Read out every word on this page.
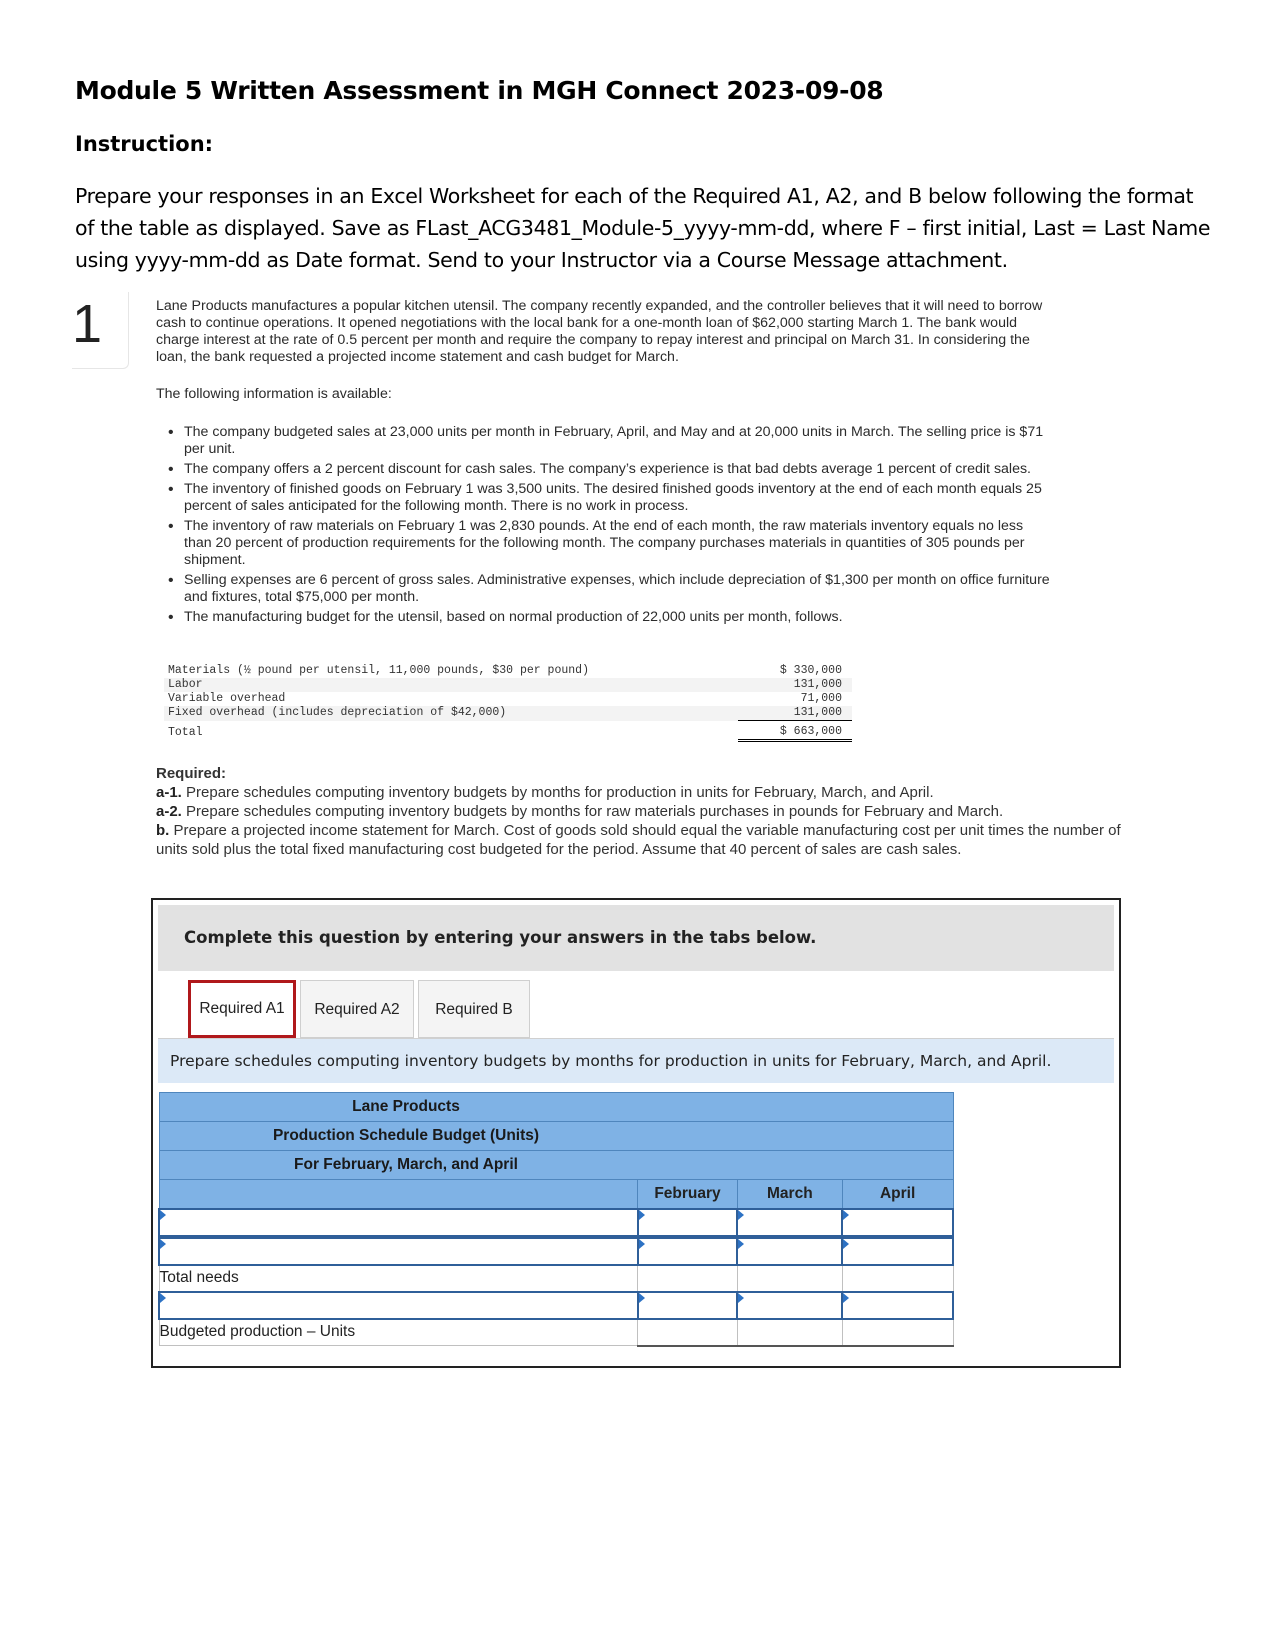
Module 5 Written Assessment in MGH Connect 2023-09-08
Instruction:

Prepare your responses in an Excel Worksheet for each of the Required A1, A2, and B below following the format of the table as displayed. Save as FLast_ACG3481_Module-5_yyyy-mm-dd, where F – first initial, Last = Last Name using yyyy-mm-dd as Date format. Send to your Instructor via a Course Message attachment.

1	Lane Products manufactures a popular kitchen utensil. The company recently expanded, and the controller believes that it will need to borrow cash to continue operations. It opened negotiations with the local bank for a one-month loan of $62,000 starting March 1. The bank would charge interest at the rate of 0.5 percent per month and require the company to repay interest and principal on March 31. In considering the loan, the bank requested a projected income statement and cash budget for March.

The following information is available:

• The company budgeted sales at 23,000 units per month in February, April, and May and at 20,000 units in March. The selling price is $71 per unit.
• The company offers a 2 percent discount for cash sales. The company’s experience is that bad debts average 1 percent of credit sales.
• The inventory of finished goods on February 1 was 3,500 units. The desired finished goods inventory at the end of each month equals 25 percent of sales anticipated for the following month. There is no work in process.
• The inventory of raw materials on February 1 was 2,830 pounds. At the end of each month, the raw materials inventory equals no less than 20 percent of production requirements for the following month. The company purchases materials in quantities of 305 pounds per shipment.
• Selling expenses are 6 percent of gross sales. Administrative expenses, which include depreciation of $1,300 per month on office furniture and fixtures, total $75,000 per month.
• The manufacturing budget for the utensil, based on normal production of 22,000 units per month, follows.
Materials (½ pound per utensil, 11,000 pounds, $30 per pound)	$ 330,000
Labor	131,000
Variable overhead	71,000
Fixed overhead (includes depreciation of $42,000)	131,000
Total	$ 663,000
Required:
a-1. Prepare schedules computing inventory budgets by months for production in units for February, March, and April.
a-2. Prepare schedules computing inventory budgets by months for raw materials purchases in pounds for February and March.
b. Prepare a projected income statement for March. Cost of goods sold should equal the variable manufacturing cost per unit times the number of units sold plus the total fixed manufacturing cost budgeted for the period. Assume that 40 percent of sales are cash sales.
Complete this question by entering your answers in the tabs below.
Required A1	Required A2	Required B
Prepare schedules computing inventory budgets by months for production in units for February, March, and April.
Lane Products			
Production Schedule Budget (Units)			
For February, March, and April			
	February	March	April

Total needs			

Budgeted production – Units			
